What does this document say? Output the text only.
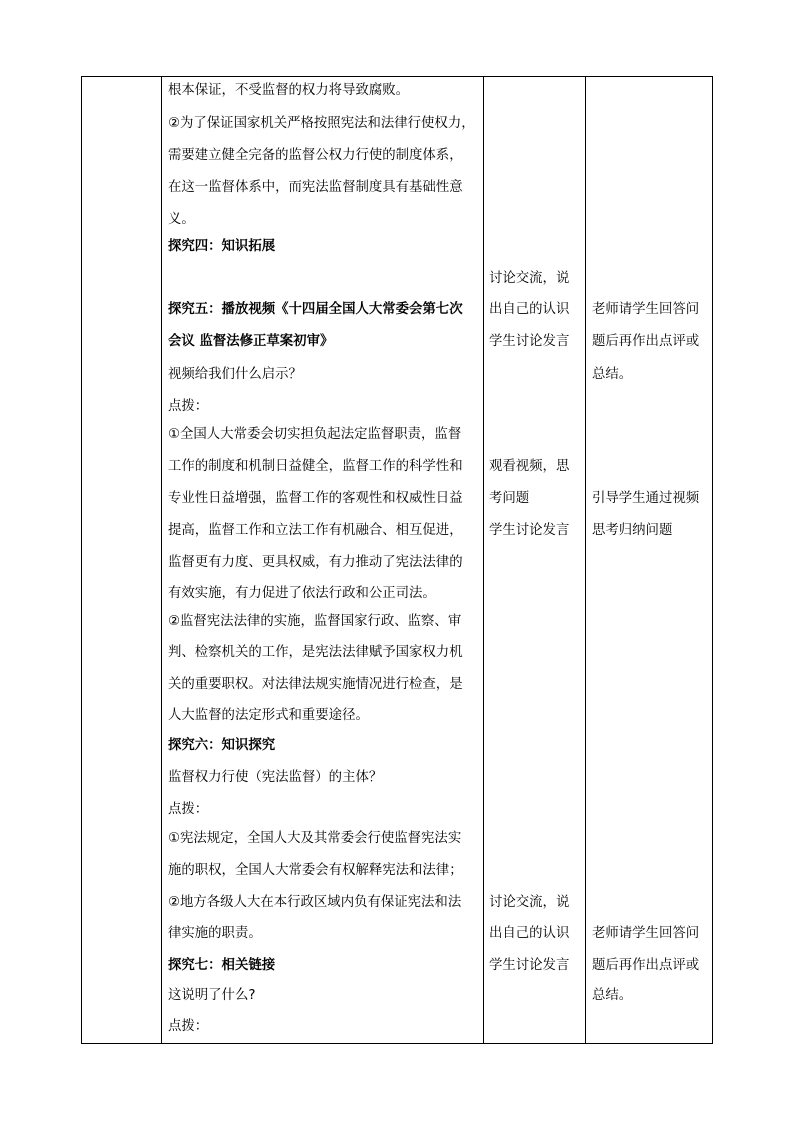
根本保证，不受监督的权力将导致腐败。
②为了保证国家机关严格按照宪法和法律行使权力，
需要建立健全完备的监督公权力行使的制度体系，
在这一监督体系中，而宪法监督制度具有基础性意
义。
探究四：知识拓展
探究五：播放视频《十四届全国人大常委会第七次
会议 监督法修正草案初审》
视频给我们什么启示？
点拨：
①全国人大常委会切实担负起法定监督职责，监督
工作的制度和机制日益健全，监督工作的科学性和
专业性日益增强，监督工作的客观性和权威性日益
提高，监督工作和立法工作有机融合、相互促进，
监督更有力度、更具权威，有力推动了宪法法律的
有效实施，有力促进了依法行政和公正司法。
②监督宪法法律的实施，监督国家行政、监察、审
判、检察机关的工作，是宪法法律赋予国家权力机
关的重要职权。对法律法规实施情况进行检查，是
人大监督的法定形式和重要途径。
探究六：知识探究
监督权力行使（宪法监督）的主体？
点拨：
①宪法规定，全国人大及其常委会行使监督宪法实
施的职权，全国人大常委会有权解释宪法和法律；
②地方各级人大在本行政区域内负有保证宪法和法
律实施的职责。
探究七：相关链接
这说明了什么?
点拨：
讨论交流，说
出自己的认识
学生讨论发言
观看视频，思
考问题
学生讨论发言
讨论交流，说
出自己的认识
学生讨论发言
老师请学生回答问
题后再作出点评或
总结。
引导学生通过视频
思考归纳问题
老师请学生回答问
题后再作出点评或
总结。
